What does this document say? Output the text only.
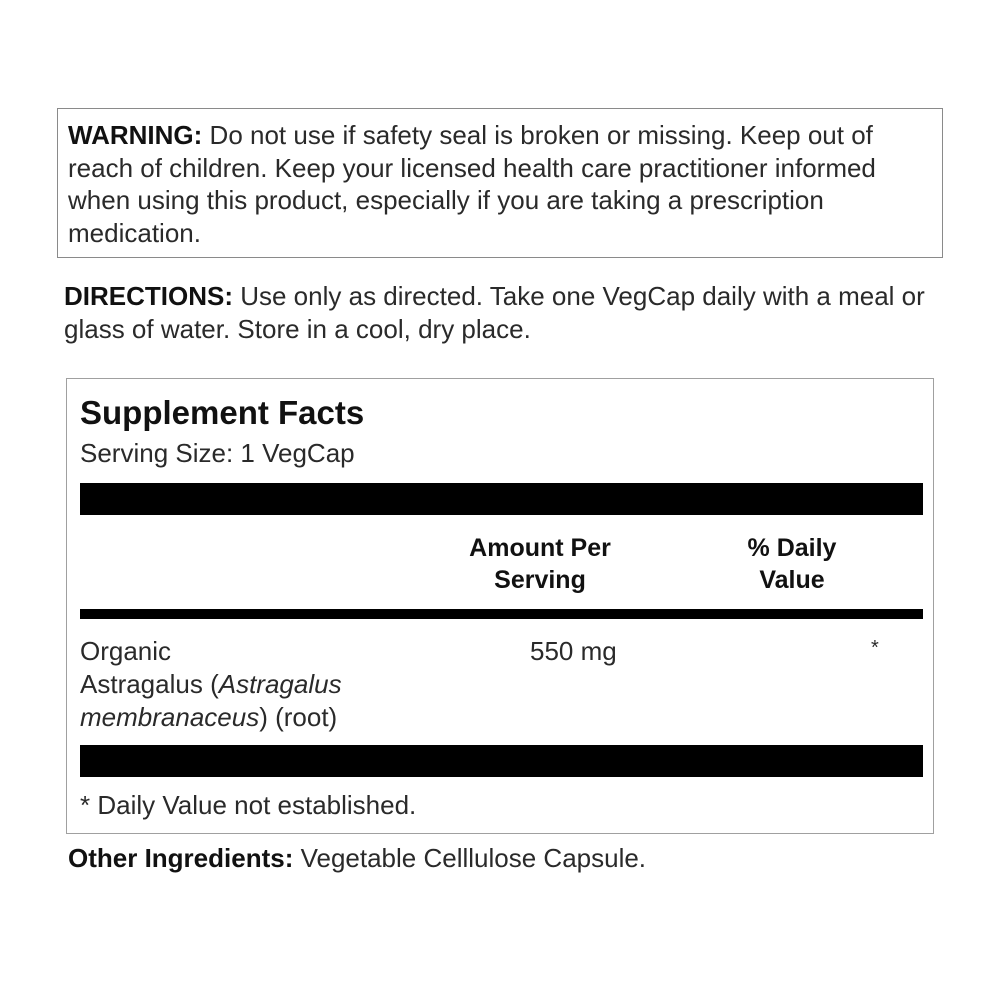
WARNING: Do not use if safety seal is broken or missing. Keep out of reach of children. Keep your licensed health care practitioner informed when using this product, especially if you are taking a prescription medication.
DIRECTIONS: Use only as directed. Take one VegCap daily with a meal or glass of water. Store in a cool, dry place.
Supplement Facts
Serving Size: 1 VegCap
Amount Per
Serving
% Daily
Value
Organic
Astragalus (Astragalus
membranaceus) (root)
550 mg	*
* Daily Value not established.
Other Ingredients: Vegetable Celllulose Capsule.
